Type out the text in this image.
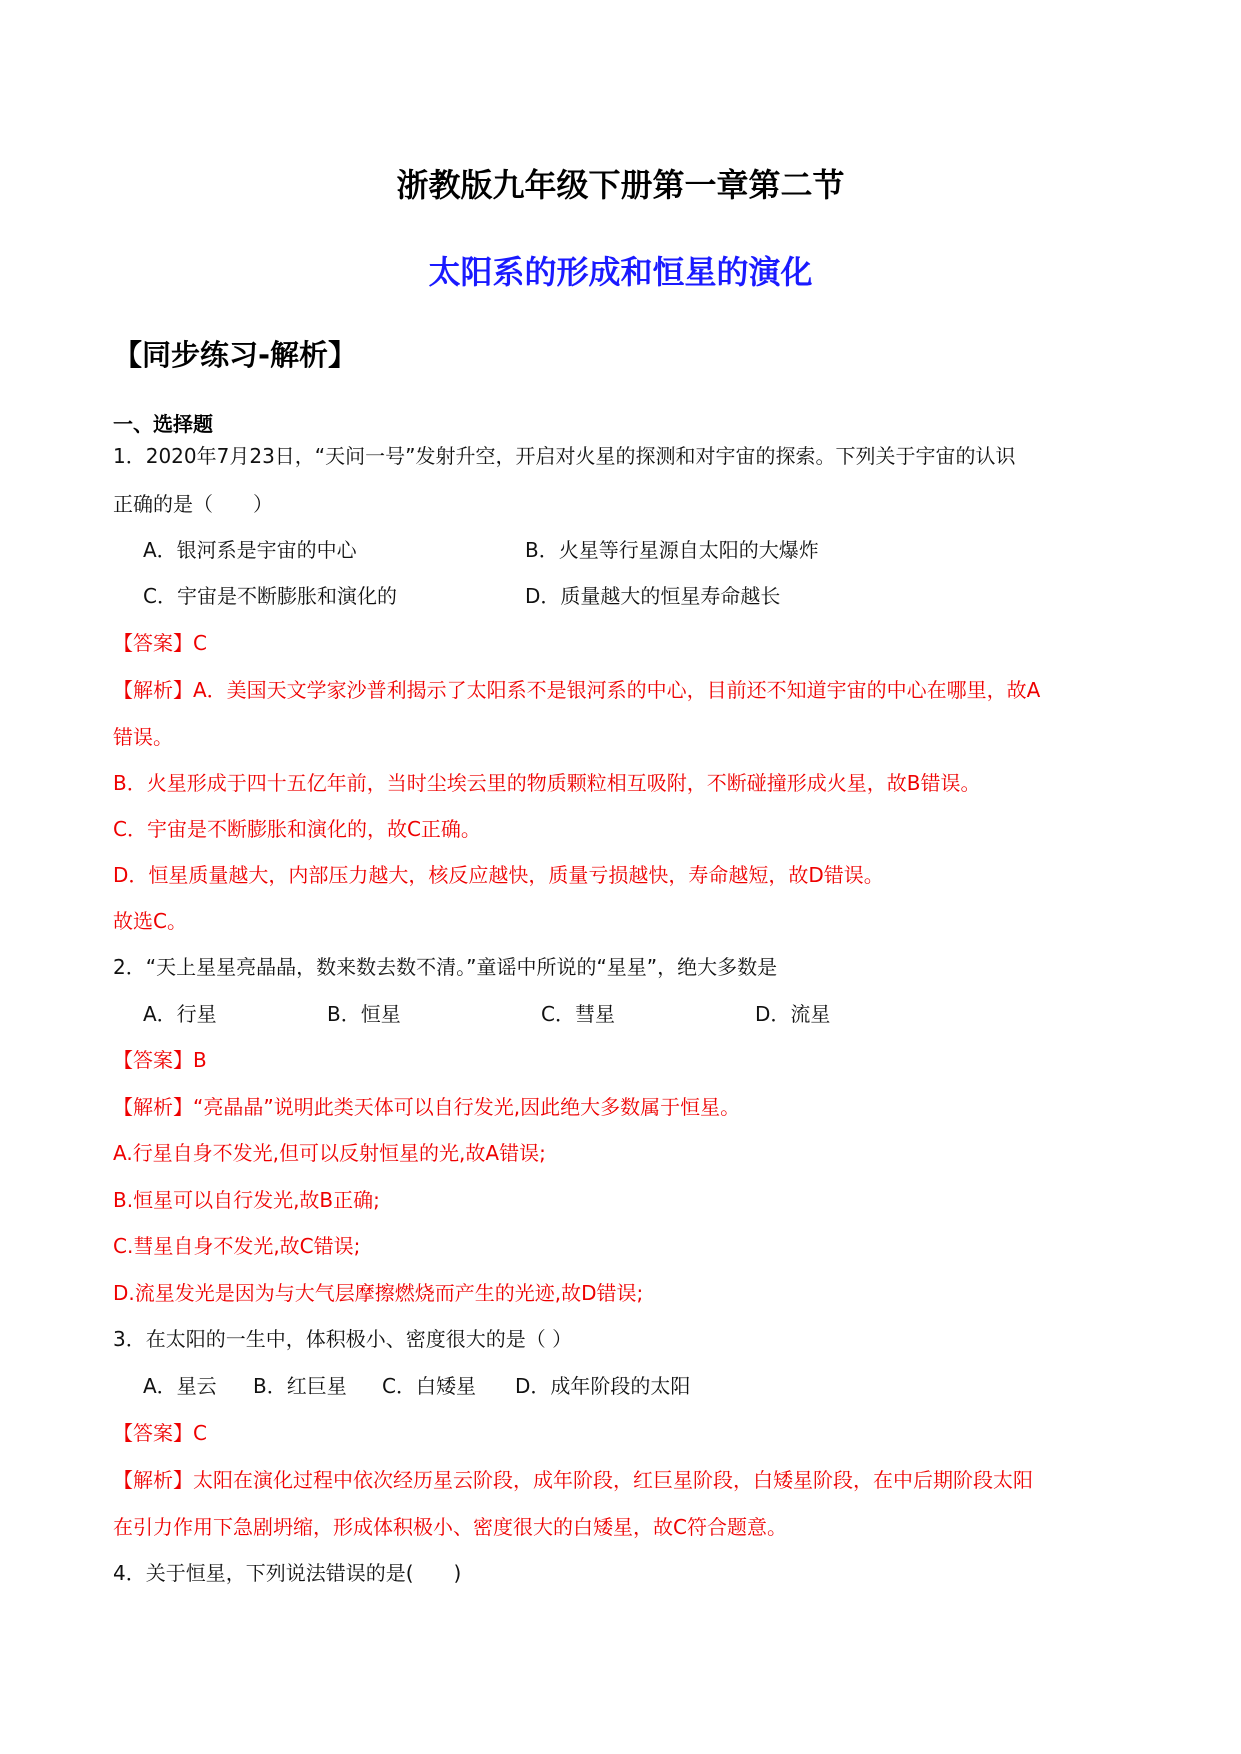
浙教版九年级下册第一章第二节
太阳系的形成和恒星的演化
【同步练习-解析】
一、选择题
1．2020年7月23日，“天问一号”发射升空，开启对火星的探测和对宇宙的探索。下列关于宇宙的认识
正确的是（　　）
A．银河系是宇宙的中心	B．火星等行星源自太阳的大爆炸
C．宇宙是不断膨胀和演化的	D．质量越大的恒星寿命越长
【答案】C
【解析】A．美国天文学家沙普利揭示了太阳系不是银河系的中心，目前还不知道宇宙的中心在哪里，故A
错误。
B．火星形成于四十五亿年前，当时尘埃云里的物质颗粒相互吸附，不断碰撞形成火星，故B错误。
C．宇宙是不断膨胀和演化的，故C正确。
D．恒星质量越大，内部压力越大，核反应越快，质量亏损越快，寿命越短，故D错误。
故选C。
2．“天上星星亮晶晶，数来数去数不清。”童谣中所说的“星星”，绝大多数是
A．行星	B．恒星	C．彗星	D．流星
【答案】B
【解析】“亮晶晶”说明此类天体可以自行发光,因此绝大多数属于恒星。
A.行星自身不发光,但可以反射恒星的光,故A错误;
B.恒星可以自行发光,故B正确;
C.彗星自身不发光,故C错误;
D.流星发光是因为与大气层摩擦燃烧而产生的光迹,故D错误;
3．在太阳的一生中，体积极小、密度很大的是（ ）
A．星云 B．红巨星 C．白矮星 D．成年阶段的太阳
【答案】C
【解析】太阳在演化过程中依次经历星云阶段，成年阶段，红巨星阶段，白矮星阶段，在中后期阶段太阳
在引力作用下急剧坍缩，形成体积极小、密度很大的白矮星，故C符合题意。
4．关于恒星，下列说法错误的是(　　)
